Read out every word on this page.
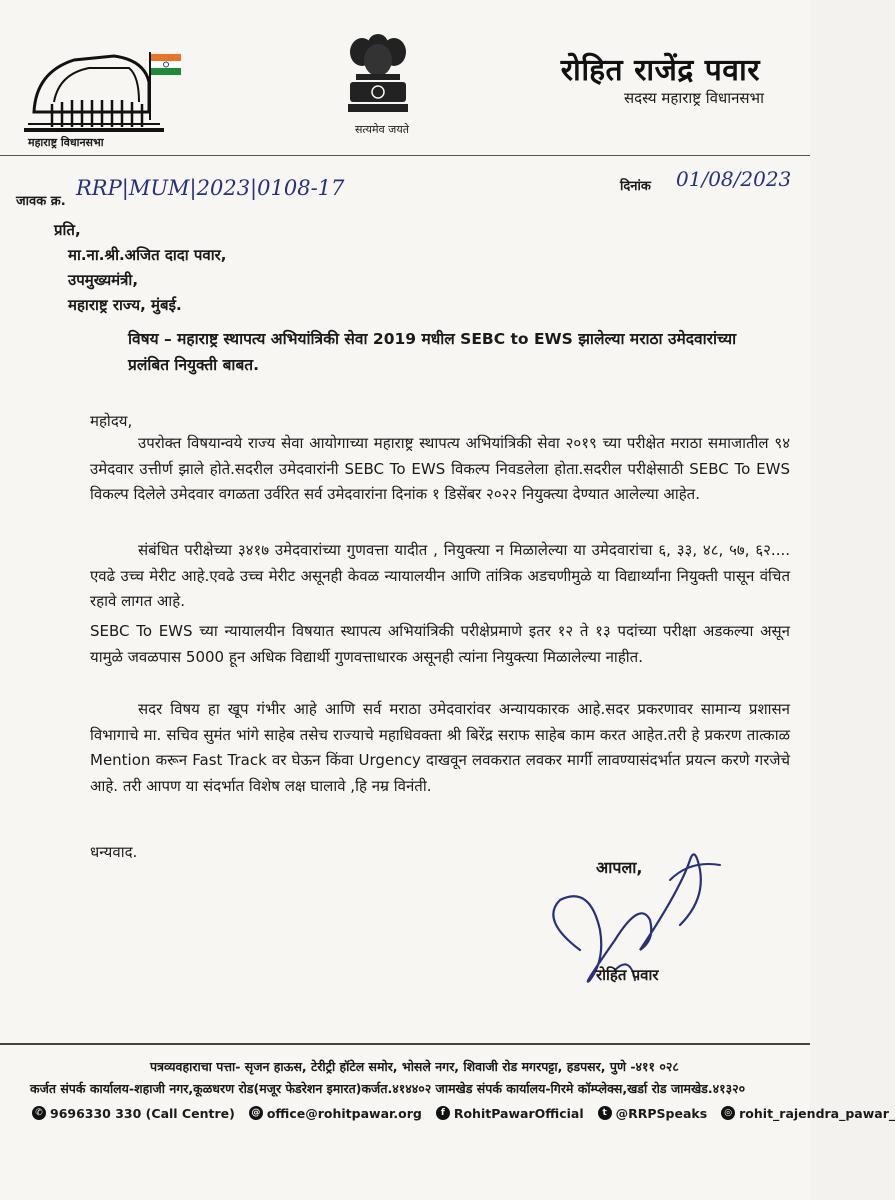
महाराष्ट्र विधानसभा
सत्यमेव जयते
रोहित राजेंद्र पवार
सदस्य महाराष्ट्र विधानसभा
जावक क्र.
RRP|MUM|2023|0108-17	दिनांक 01/08/2023
प्रति,
मा.ना.श्री.अजित दादा पवार,
उपमुख्यमंत्री,
महाराष्ट्र राज्य, मुंबई.
विषय – महाराष्ट्र स्थापत्य अभियांत्रिकी सेवा 2019 मधील SEBC to EWS झालेल्या मराठा उमेदवारांच्या प्रलंबित नियुक्ती बाबत.
महोदय,
उपरोक्त विषयान्वये राज्य सेवा आयोगाच्या महाराष्ट्र स्थापत्य अभियांत्रिकी सेवा २०१९ च्या परीक्षेत मराठा समाजातील ९४ उमेदवार उत्तीर्ण झाले होते.सदरील उमेदवारांनी SEBC To EWS विकल्प निवडलेला होता.सदरील परीक्षेसाठी SEBC To EWS विकल्प दिलेले उमेदवार वगळता उर्वरित सर्व उमेदवारांना दिनांक १ डिसेंबर २०२२ नियुक्त्या देण्यात आलेल्या आहेत.
संबंधित परीक्षेच्या ३४१७ उमेदवारांच्या गुणवत्ता यादीत , नियुक्त्या न मिळालेल्या या उमेदवारांचा ६, ३३, ४८, ५७, ६२.... एवढे उच्च मेरीट आहे.एवढे उच्च मेरीट असूनही केवळ न्यायालयीन आणि तांत्रिक अडचणीमुळे या विद्यार्थ्यांना नियुक्ती पासून वंचित रहावे लागत आहे.
SEBC To EWS च्या न्यायालयीन विषयात स्थापत्य अभियांत्रिकी परीक्षेप्रमाणे इतर १२ ते १३ पदांच्या परीक्षा अडकल्या असून यामुळे जवळपास 5000 हून अधिक विद्यार्थी गुणवत्ताधारक असूनही त्यांना नियुक्त्या मिळालेल्या नाहीत.
सदर विषय हा खूप गंभीर आहे आणि सर्व मराठा उमेदवारांवर अन्यायकारक आहे.सदर प्रकरणावर सामान्य प्रशासन विभागाचे मा. सचिव सुमंत भांगे साहेब तसेच राज्याचे महाधिवक्ता श्री बिरेंद्र सराफ साहेब काम करत आहेत.तरी हे प्रकरण तात्काळ Mention करून Fast Track वर घेऊन किंवा Urgency दाखवून लवकरात लवकर मार्गी लावण्यासंदर्भात प्रयत्न करणे गरजेचे आहे. तरी आपण या संदर्भात विशेष लक्ष घालावे ,हि नम्र विनंती.
धन्यवाद.
आपला,
रोहित पवार
पत्रव्यवहाराचा पत्ता- सृजन हाऊस, टेरीट्री हॉटेल समोर, भोसले नगर, शिवाजी रोड मगरपट्टा, हडपसर, पुणे -४११ ०२८
कर्जत संपर्क कार्यालय-शहाजी नगर,कूळधरण रोड(मजूर फेडरेशन इमारत)कर्जत.४१४४०२ जामखेड संपर्क कार्यालय-गिरमे कॉम्प्लेक्स,खर्डा रोड जामखेड.४१३२०
✆ 9696330 330 (Call Centre) @ office@rohitpawar.org	f RohitPawarOfficial	t @RRPSpeaks	◎ rohit_rajendra_pawar_
